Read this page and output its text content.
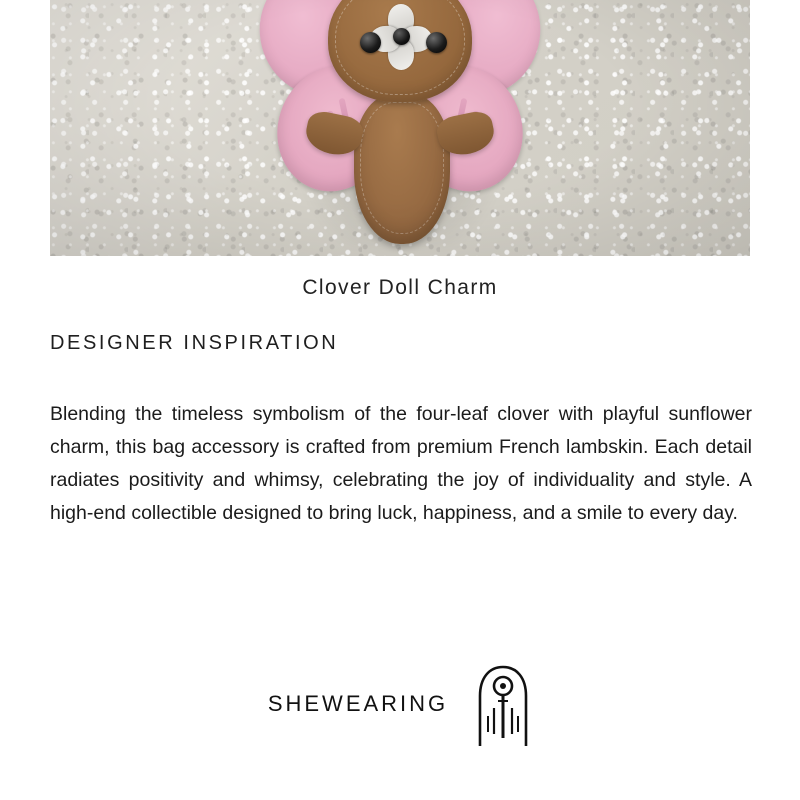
Clover Doll Charm
DESIGNER INSPIRATION
Blending the timeless symbolism of the four-leaf clover with playful sunflower charm, this bag accessory is crafted from premium French lambskin. Each detail radiates positivity and whimsy, celebrating the joy of individuality and style. A high-end collectible designed to bring luck, happiness, and a smile to every day.
SHEWEARING
